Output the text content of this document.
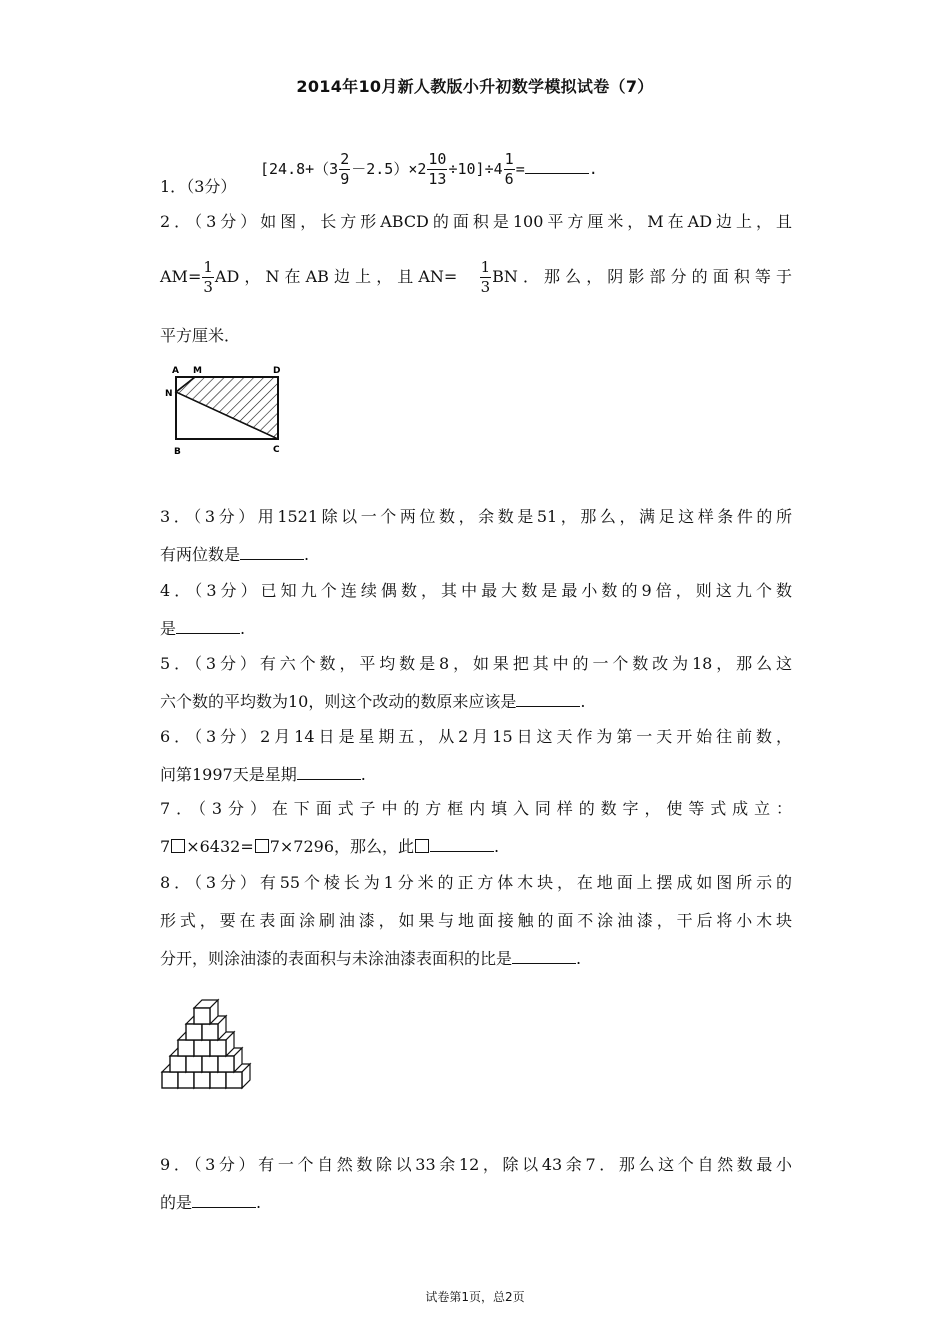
2014年10月新人教版小升初数学模拟试卷（7）
1．（3分）
$[24.8+(3 \frac{2}{9} -2.5)\times 2 \frac{10}{13} \div 10]\div 4 \frac{1}{6}$ =	.
2．（3分）如图，长方形ABCD的面积是100平方厘米，M在AD边上，且
$AM= \frac{1}{3}$ AD ， N 在 AB 边 上 ， 且 $AN= \frac{1}{3}$ BN ． 那 么 ， 阴 影 部 分 的 面 积 等 于
平方厘米．
A M	D
N
B	C
3．（3分）用1521除以一个两位数，余数是51，那么，满足这样条件的所
有两位数是	.
4．（3分）已知九个连续偶数，其中最大数是最小数的9倍，则这九个数
是	.
5．（3分）有六个数，平均数是8，如果把其中的一个数改为18，那么这
六个数的平均数为10，则这个改动的数原来应该是	.
6．（3分）2月14日是星期五，从2月15日这天作为第一天开始往前数，
问第1997天是星期	.
7．（3分）在下面式子中的方框内填入同样的数字，使等式成立：
7 ×6432= 7×7296，那么，此	.
8．（3分）有55个棱长为1分米的正方体木块，在地面上摆成如图所示的
形式，要在表面涂刷油漆，如果与地面接触的面不涂油漆，干后将小木块
分开，则涂油漆的表面积与未涂油漆表面积的比是	.
9．（3分）有一个自然数除以33余12，除以43余7．那么这个自然数最小
的是	.
试卷第1页，总2页
